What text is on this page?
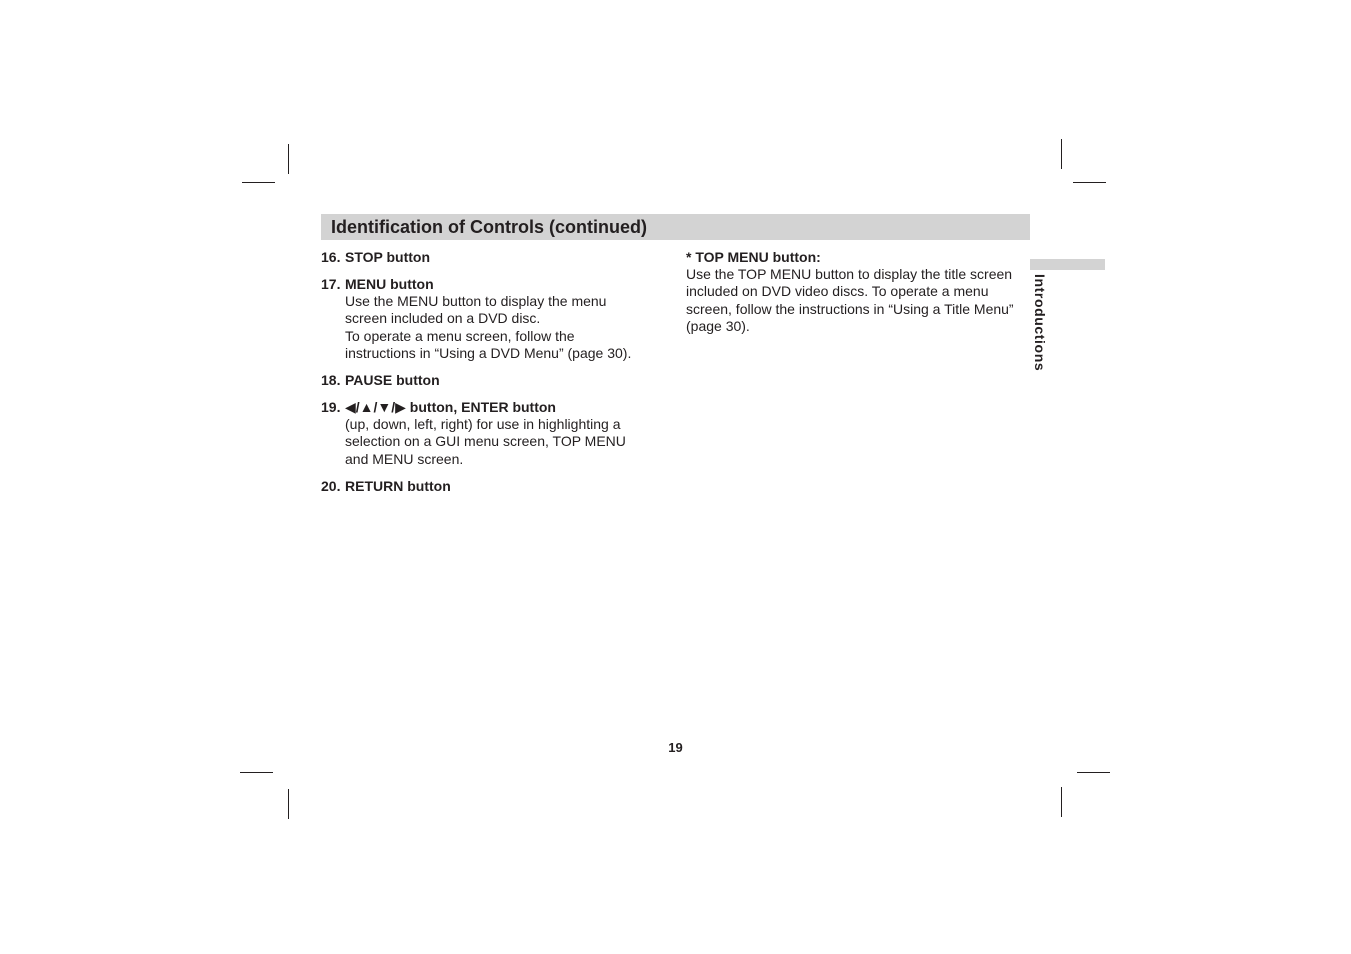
Identification of Controls (continued)
Introductions
16. STOP button
17. MENU button
Use the MENU button to display the menu
screen included on a DVD disc.
To operate a menu screen, follow the
instructions in “Using a DVD Menu” (page 30).
18. PAUSE button
19. ◀/▲/▼/▶ button, ENTER button
(up, down, left, right) for use in highlighting a
selection on a GUI menu screen, TOP MENU
and MENU screen.
20. RETURN button
* TOP MENU button:
Use the TOP MENU button to display the title screen
included on DVD video discs. To operate a menu
screen, follow the instructions in “Using a Title Menu”
(page 30).
19
